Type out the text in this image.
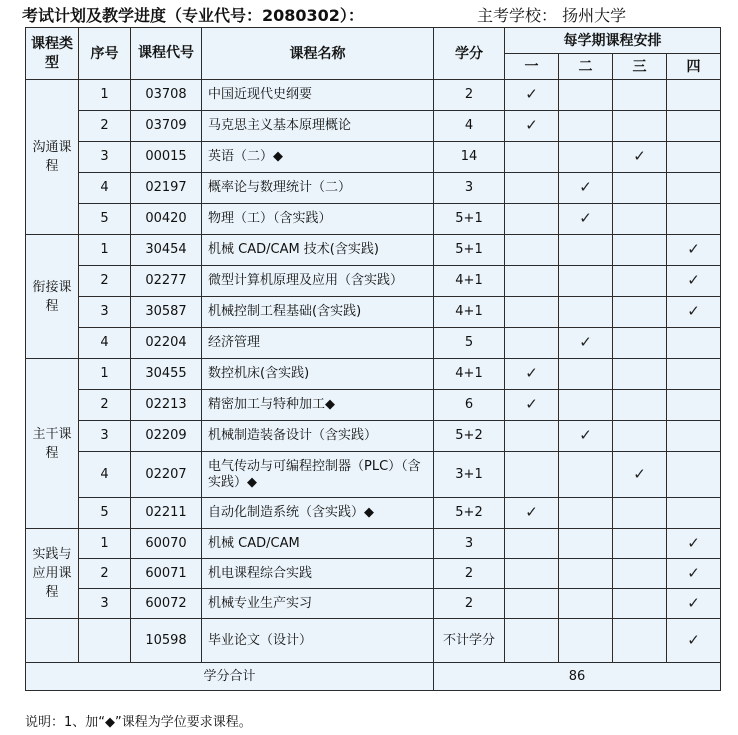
考试计划及教学进度（专业代号：2080302）：	主考学校： 扬州大学
课程类型	序号	课程代号	课程名称	学分	每学期课程安排			
					一	二	三	四
沟通课程	1	03708	中国近现代史纲要	2	✓			
	2	03709	马克思主义基本原理概论	4	✓			
	3	00015	英语（二）◆	14			✓	
	4	02197	概率论与数理统计（二）	3		✓		
	5	00420	物理（工）（含实践）	5+1		✓		
衔接课程	1	30454	机械 CAD/CAM 技术(含实践)	5+1				✓
	2	02277	微型计算机原理及应用（含实践）	4+1				✓
	3	30587	机械控制工程基础(含实践)	4+1				✓
	4	02204	经济管理	5		✓		
主干课程	1	30455	数控机床(含实践)	4+1	✓			
	2	02213	精密加工与特种加工◆	6	✓			
	3	02209	机械制造装备设计（含实践）	5+2		✓		
	4	02207	电气传动与可编程控制器（PLC）（含实践）◆	3+1			✓	
	5	02211	自动化制造系统（含实践）◆	5+2	✓			
实践与应用课程	1	60070	机械 CAD/CAM	3				✓
	2	60071	机电课程综合实践	2				✓
	3	60072	机械专业生产实习	2				✓
		10598	毕业论文（设计）	不计学分				✓
学分合计				86				
说明：1、加“◆”课程为学位要求课程。
